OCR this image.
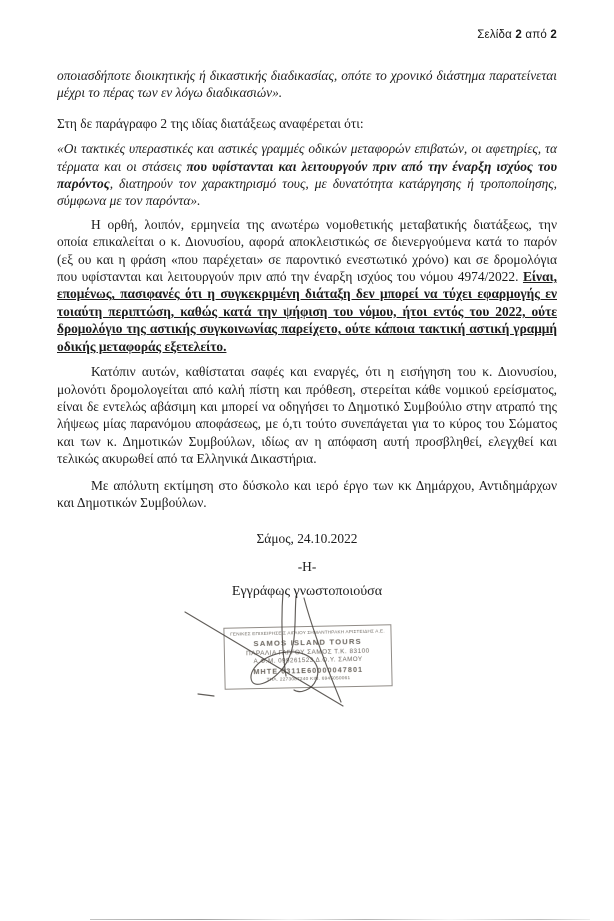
Σελίδα 2 από 2

οποιασδήποτε διοικητικής ή δικαστικής διαδικασίας, οπότε το χρονικό διάστημα παρατείνεται μέχρι το πέρας των εν λόγω διαδικασιών».

Στη δε παράγραφο 2 της ιδίας διατάξεως αναφέρεται ότι:

«Οι τακτικές υπεραστικές και αστικές γραμμές οδικών μεταφορών επιβατών, οι αφετηρίες, τα τέρματα και οι στάσεις που υφίστανται και λειτουργούν πριν από την έναρξη ισχύος του παρόντος, διατηρούν τον χαρακτηρισμό τους, με δυνατότητα κατάργησης ή τροποποίησης, σύμφωνα με τον παρόντα».

Η ορθή, λοιπόν, ερμηνεία της ανωτέρω νομοθετικής μεταβατικής διατάξεως, την οποία επικαλείται ο κ. Διονυσίου, αφορά αποκλειστικώς σε διενεργούμενα κατά το παρόν (εξ ου και η φράση «που παρέχεται» σε παροντικό ενεστωτικό χρόνο) και σε δρομολόγια που υφίστανται και λειτουργούν πριν από την έναρξη ισχύος του νόμου 4974/2022. Είναι, επομένως, πασιφανές ότι η συγκεκριμένη διάταξη δεν μπορεί να τύχει εφαρμογής εν τοιαύτη περιπτώση, καθώς κατά την ψήφιση του νόμου, ήτοι εντός του 2022, ούτε δρομολόγιο της αστικής συγκοινωνίας παρείχετο, ούτε κάποια τακτική αστική γραμμή οδικής μεταφοράς εξετελείτο.

Κατόπιν αυτών, καθίσταται σαφές και εναργές, ότι η εισήγηση του κ. Διονυσίου, μολονότι δρομολογείται από καλή πίστη και πρόθεση, στερείται κάθε νομικού ερείσματος, είναι δε εντελώς αβάσιμη και μπορεί να οδηγήσει το Δημοτικό Συμβούλιο στην ατραπό της λήψεως μίας παρανόμου αποφάσεως, με ό,τι τούτο συνεπάγεται για το κύρος του Σώματος και των κ. Δημοτικών Συμβούλων, ιδίως αν η απόφαση αυτή προσβληθεί, ελεγχθεί και τελικώς ακυρωθεί από τα Ελληνικά Δικαστήρια.

Με απόλυτη εκτίμηση στο δύσκολο και ιερό έργο των κκ Δημάρχου, Αντιδημάρχων και Δημοτικών Συμβούλων.

Σάμος, 24.10.2022
-Η-
Εγγράφως γνωστοποιούσα
ΓΕΝΙΚΕΣ ΕΠΙΧΕΙΡΗΣΕΙΣ ΑΙΓΑΙΟΥ ΣΗΜΑΝΤΗΡΑΚΗ ΑΡΙΣΤΕΙΔΗΣ Α.Ε.
SAMOS ISLAND TOURS
ΠΑΡΑΛΙΑ ΓΑΓΓΟΥ ΣΑΜΟΣ Τ.Κ. 83100
Α.Φ.Μ. 099261523 Δ.Ο.Υ. ΣΑΜΟΥ
ΜΗΤΕ 0311Ε60000047801
ΤΗΛ. 2273087240 ΚΙΝ. 6945050061
